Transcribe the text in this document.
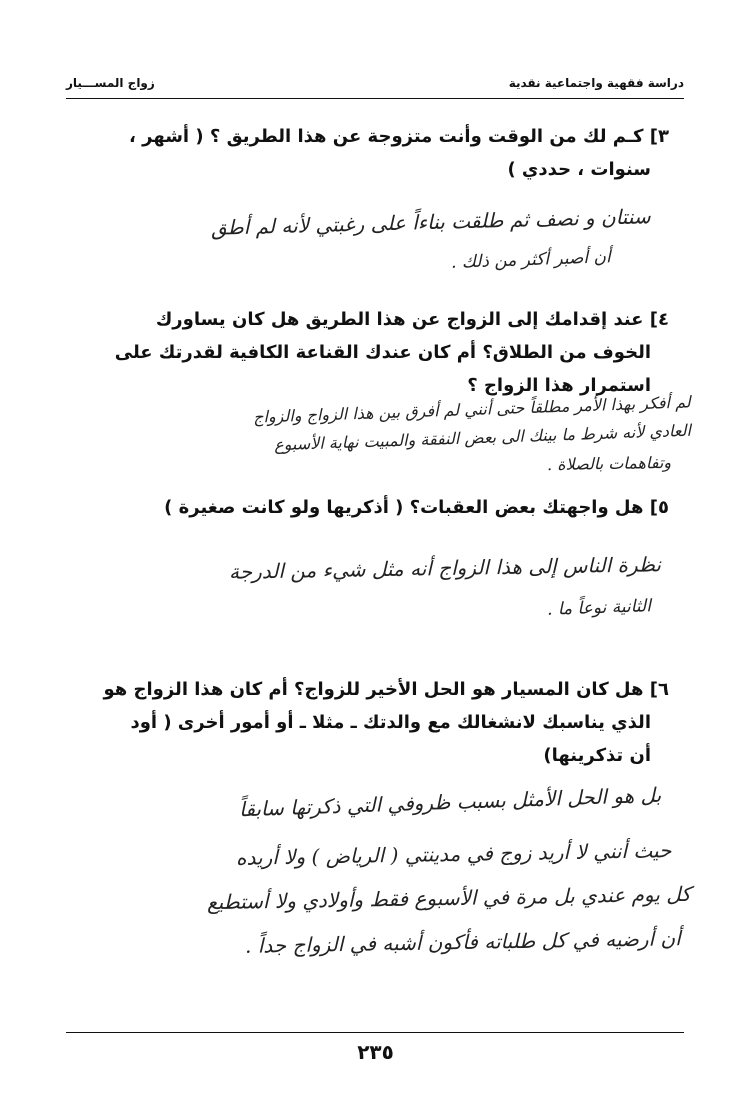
دراسة فقهية واجتماعية نقدية
زواج المســـيار
٣] كـم لك من الوقت وأنت متزوجة عن هذا الطريق ؟ ( أشهر ،
سنوات ، حددي )
سنتان و نصف ثم طلقت بناءاً على رغبتي لأنه لم أطق
أن أصبر أكثر من ذلك .
٤] عند إقدامك إلى الزواج عن هذا الطريق هل كان يساورك
الخوف من الطلاق؟ أم كان عندك القناعة الكافية لقدرتك على
استمرار هذا الزواج ؟
لم أفكر بهذا الأمر مطلقاً حتى أنني لم أفرق بين هذا الزواج والزواج
العادي لأنه شرط ما بينك الى بعض النفقة والمبيت نهاية الأسبوع
وتفاهمات بالصلاة .
٥] هل واجهتك بعض العقبات؟ ( أذكريها ولو كانت صغيرة )
نظرة الناس إلى هذا الزواج أنه مثل شيء من الدرجة
الثانية نوعاً ما .
٦] هل كان المسيار هو الحل الأخير للزواج؟ أم كان هذا الزواج هو
الذي يناسبك لانشغالك مع والدتك ـ مثلا ـ أو أمور أخرى ( أود
أن تذكرينها)
بل هو الحل الأمثل بسبب ظروفي التي ذكرتها سابقاً
حيث أنني لا أريد زوج في مدينتي ( الرياض ) ولا أريده
كل يوم عندي بل مرة في الأسبوع فقط وأولادي ولا أستطيع
أن أرضيه في كل طلباته فأكون أشبه في الزواج جداً .
٢٣٥
